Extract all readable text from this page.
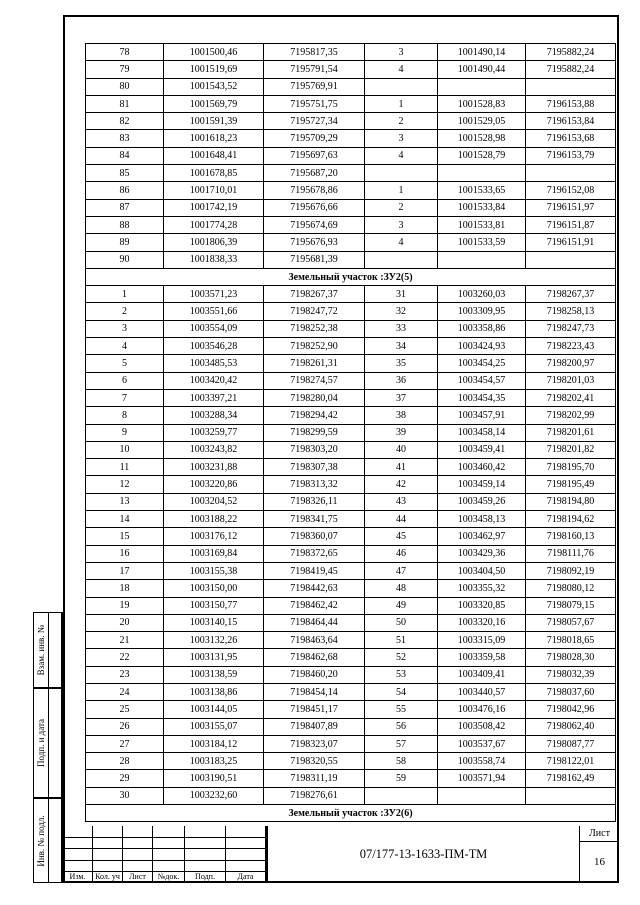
Взам. инв. №
Подп. и дата
Инв. № подл.
78	1001500,46	7195817,35	3	1001490,14	7195882,24
79	1001519,69	7195791,54	4	1001490,44	7195882,24
80	1001543,52	7195769,91			
81	1001569,79	7195751,75	1	1001528,83	7196153,88
82	1001591,39	7195727,34	2	1001529,05	7196153,84
83	1001618,23	7195709,29	3	1001528,98	7196153,68
84	1001648,41	7195697,63	4	1001528,79	7196153,79
85	1001678,85	7195687,20			
86	1001710,01	7195678,86	1	1001533,65	7196152,08
87	1001742,19	7195676,66	2	1001533,84	7196151,97
88	1001774,28	7195674,69	3	1001533,81	7196151,87
89	1001806,39	7195676,93	4	1001533,59	7196151,91
90	1001838,33	7195681,39			
Земельный участок :ЗУ2(5)					
1	1003571,23	7198267,37	31	1003260,03	7198267,37
2	1003551,66	7198247,72	32	1003309,95	7198258,13
3	1003554,09	7198252,38	33	1003358,86	7198247,73
4	1003546,28	7198252,90	34	1003424,93	7198223,43
5	1003485,53	7198261,31	35	1003454,25	7198200,97
6	1003420,42	7198274,57	36	1003454,57	7198201,03
7	1003397,21	7198280,04	37	1003454,35	7198202,41
8	1003288,34	7198294,42	38	1003457,91	7198202,99
9	1003259,77	7198299,59	39	1003458,14	7198201,61
10	1003243,82	7198303,20	40	1003459,41	7198201,82
11	1003231,88	7198307,38	41	1003460,42	7198195,70
12	1003220,86	7198313,32	42	1003459,14	7198195,49
13	1003204,52	7198326,11	43	1003459,26	7198194,80
14	1003188,22	7198341,75	44	1003458,13	7198194,62
15	1003176,12	7198360,07	45	1003462,97	7198160,13
16	1003169,84	7198372,65	46	1003429,36	7198111,76
17	1003155,38	7198419,45	47	1003404,50	7198092,19
18	1003150,00	7198442,63	48	1003355,32	7198080,12
19	1003150,77	7198462,42	49	1003320,85	7198079,15
20	1003140,15	7198464,44	50	1003320,16	7198057,67
21	1003132,26	7198463,64	51	1003315,09	7198018,65
22	1003131,95	7198462,68	52	1003359,58	7198028,30
23	1003138,59	7198460,20	53	1003409,41	7198032,39
24	1003138,86	7198454,14	54	1003440,57	7198037,60
25	1003144,05	7198451,17	55	1003476,16	7198042,96
26	1003155,07	7198407,89	56	1003508,42	7198062,40
27	1003184,12	7198323,07	57	1003537,67	7198087,77
28	1003183,25	7198320,55	58	1003558,74	7198122,01
29	1003190,51	7198311,19	59	1003571,94	7198162,49
30	1003232,60	7198276,61			
Земельный участок :ЗУ2(6)					
Изм.	Кол. уч	Лист	№док.	Подп.	Дата
07/177-13-1633-ПМ-ТМ
Лист
16
